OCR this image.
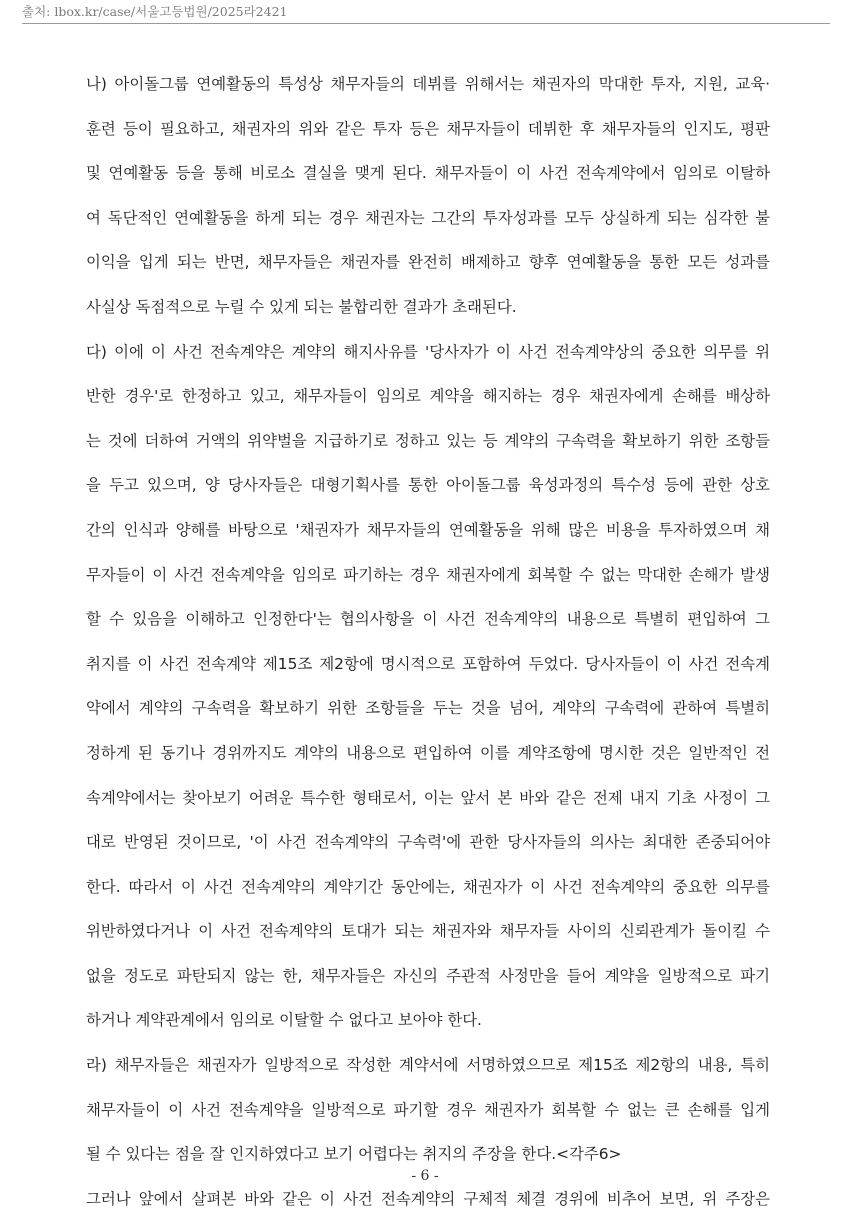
출처: lbox.kr/case/서울고등법원/2025라2421
나) 아이돌그룹 연예활동의 특성상 채무자들의 데뷔를 위해서는 채권자의 막대한 투자, 지원, 교육·
훈련 등이 필요하고, 채권자의 위와 같은 투자 등은 채무자들이 데뷔한 후 채무자들의 인지도, 평판
및 연예활동 등을 통해 비로소 결실을 맺게 된다. 채무자들이 이 사건 전속계약에서 임의로 이탈하
여 독단적인 연예활동을 하게 되는 경우 채권자는 그간의 투자성과를 모두 상실하게 되는 심각한 불
이익을 입게 되는 반면, 채무자들은 채권자를 완전히 배제하고 향후 연예활동을 통한 모든 성과를
사실상 독점적으로 누릴 수 있게 되는 불합리한 결과가 초래된다.
다) 이에 이 사건 전속계약은 계약의 해지사유를 '당사자가 이 사건 전속계약상의 중요한 의무를 위
반한 경우'로 한정하고 있고, 채무자들이 임의로 계약을 해지하는 경우 채권자에게 손해를 배상하
는 것에 더하여 거액의 위약벌을 지급하기로 정하고 있는 등 계약의 구속력을 확보하기 위한 조항들
을 두고 있으며, 양 당사자들은 대형기획사를 통한 아이돌그룹 육성과정의 특수성 등에 관한 상호
간의 인식과 양해를 바탕으로 '채권자가 채무자들의 연예활동을 위해 많은 비용을 투자하였으며 채
무자들이 이 사건 전속계약을 임의로 파기하는 경우 채권자에게 회복할 수 없는 막대한 손해가 발생
할 수 있음을 이해하고 인정한다'는 협의사항을 이 사건 전속계약의 내용으로 특별히 편입하여 그
취지를 이 사건 전속계약 제15조 제2항에 명시적으로 포함하여 두었다. 당사자들이 이 사건 전속계
약에서 계약의 구속력을 확보하기 위한 조항들을 두는 것을 넘어, 계약의 구속력에 관하여 특별히
정하게 된 동기나 경위까지도 계약의 내용으로 편입하여 이를 계약조항에 명시한 것은 일반적인 전
속계약에서는 찾아보기 어려운 특수한 형태로서, 이는 앞서 본 바와 같은 전제 내지 기초 사정이 그
대로 반영된 것이므로, '이 사건 전속계약의 구속력'에 관한 당사자들의 의사는 최대한 존중되어야
한다. 따라서 이 사건 전속계약의 계약기간 동안에는, 채권자가 이 사건 전속계약의 중요한 의무를
위반하였다거나 이 사건 전속계약의 토대가 되는 채권자와 채무자들 사이의 신뢰관계가 돌이킬 수
없을 정도로 파탄되지 않는 한, 채무자들은 자신의 주관적 사정만을 들어 계약을 일방적으로 파기
하거나 계약관계에서 임의로 이탈할 수 없다고 보아야 한다.
라) 채무자들은 채권자가 일방적으로 작성한 계약서에 서명하였으므로 제15조 제2항의 내용, 특히
채무자들이 이 사건 전속계약을 일방적으로 파기할 경우 채권자가 회복할 수 없는 큰 손해를 입게
될 수 있다는 점을 잘 인지하였다고 보기 어렵다는 취지의 주장을 한다.<각주6>
그러나 앞에서 살펴본 바와 같은 이 사건 전속계약의 구체적 체결 경위에 비추어 보면, 위 주장은
- 6 -
